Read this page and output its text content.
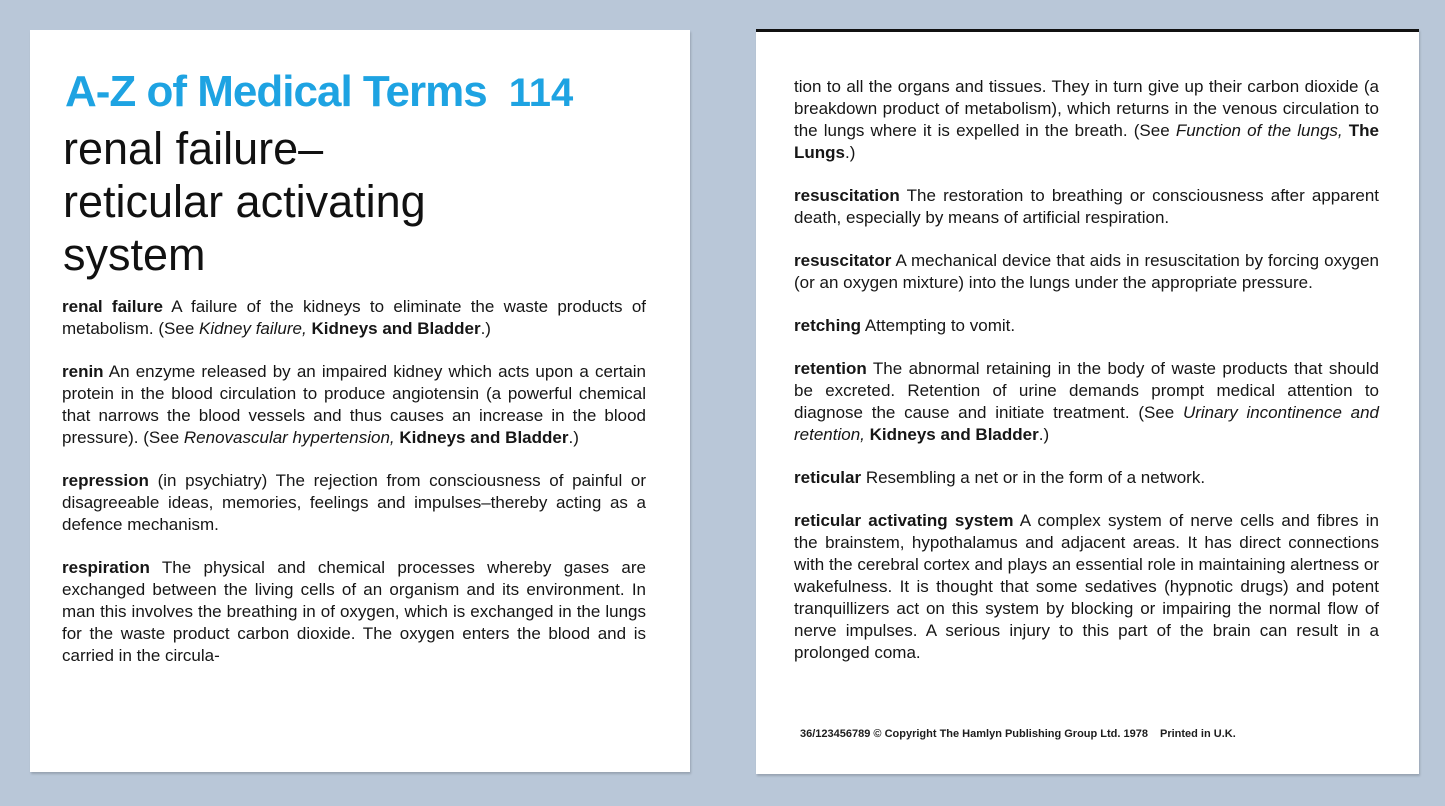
A-Z of Medical Terms 114
renal failure–
reticular activating
system

renal failure A failure of the kidneys to eliminate the waste products of metabolism. (See Kidney failure, Kidneys and Bladder.)

renin An enzyme released by an impaired kidney which acts upon a certain protein in the blood circulation to produce angiotensin (a powerful chemical that narrows the blood vessels and thus causes an increase in the blood pressure). (See Renovascular hypertension, Kidneys and Bladder.)

repression (in psychiatry) The rejection from consciousness of painful or disagreeable ideas, memories, feelings and impulses–thereby acting as a defence mechanism.

respiration The physical and chemical processes whereby gases are exchanged between the living cells of an organism and its environment. In man this involves the breathing in of oxygen, which is exchanged in the lungs for the waste product carbon dioxide. The oxygen enters the blood and is carried in the circula-

tion to all the organs and tissues. They in turn give up their carbon dioxide (a breakdown product of metabolism), which returns in the venous circulation to the lungs where it is expelled in the breath. (See Function of the lungs, The Lungs.)

resuscitation The restoration to breathing or consciousness after apparent death, especially by means of artificial respiration.

resuscitator A mechanical device that aids in resuscitation by forcing oxygen (or an oxygen mixture) into the lungs under the appropriate pressure.

retching Attempting to vomit.

retention The abnormal retaining in the body of waste products that should be excreted. Retention of urine demands prompt medical attention to diagnose the cause and initiate treatment. (See Urinary incontinence and retention, Kidneys and Bladder.)

reticular Resembling a net or in the form of a network.

reticular activating system A complex system of nerve cells and fibres in the brainstem, hypothalamus and adjacent areas. It has direct connections with the cerebral cortex and plays an essential role in maintaining alertness or wakefulness. It is thought that some sedatives (hypnotic drugs) and potent tranquillizers act on this system by blocking or impairing the normal flow of nerve impulses. A serious injury to this part of the brain can result in a prolonged coma.

36/123456789 © Copyright The Hamlyn Publishing Group Ltd. 1978 Printed in U.K.
